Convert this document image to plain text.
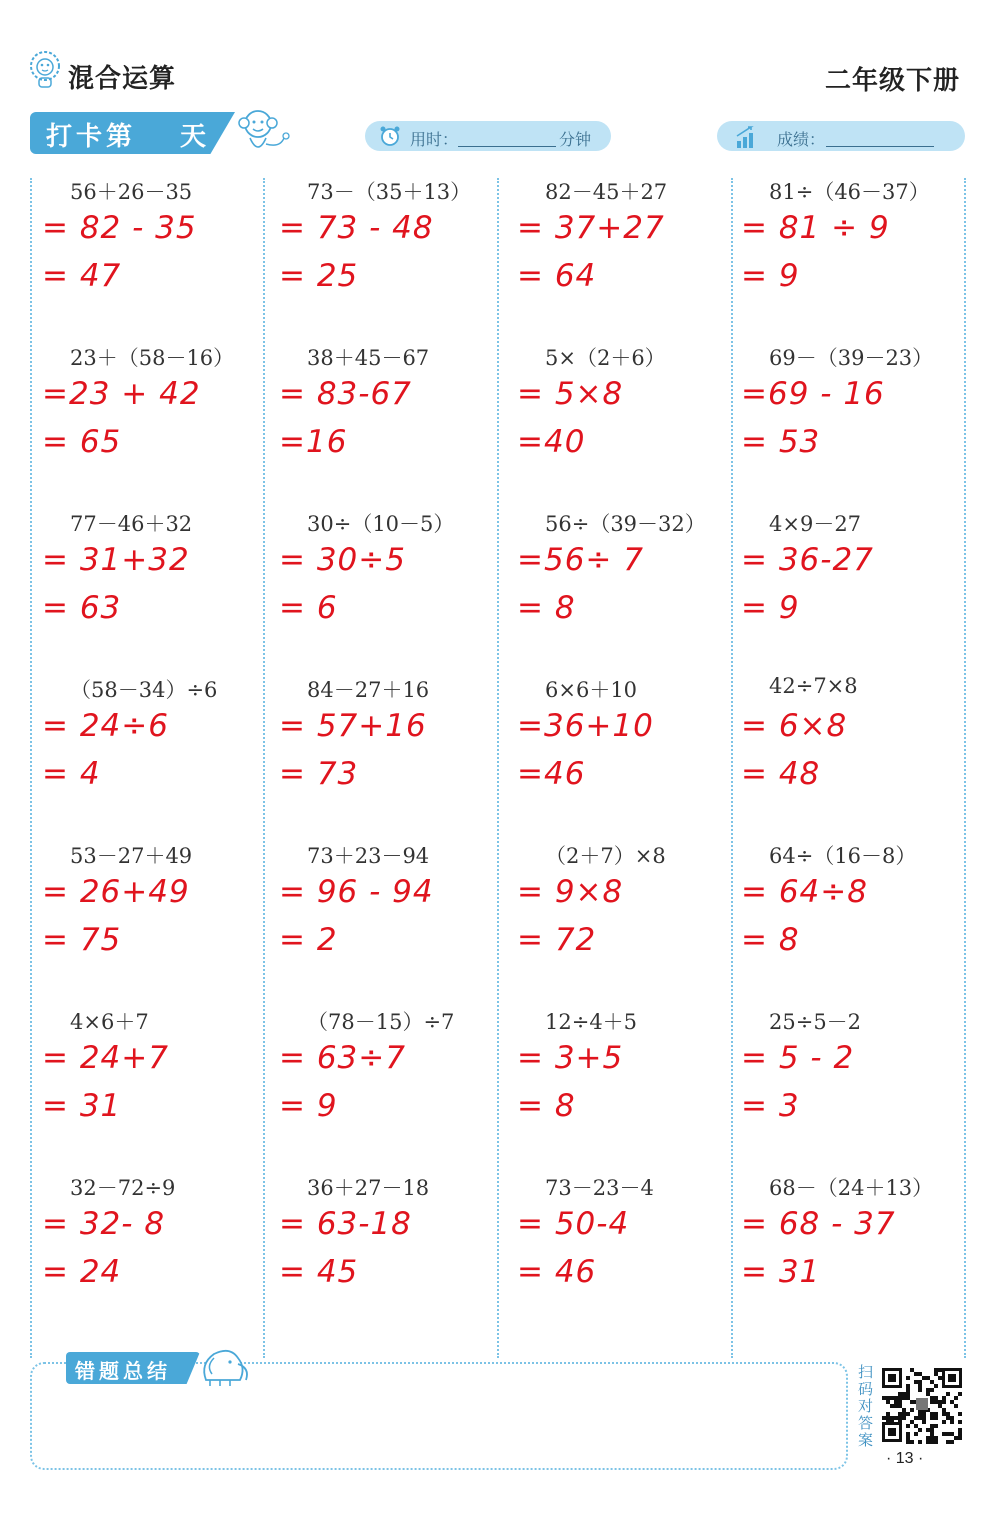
混合运算	二年级下册
打卡第 天	用时：	分钟	成绩：
56＋26－35
= 82 - 35
= 47
73－（35＋13）
= 73 - 48
= 25
82－45＋27
= 37+27
= 64
81÷（46－37）
= 81 ÷ 9
= 9
23＋（58－16）
=23 + 42
= 65
38＋45－67
= 83-67
=16
5×（2＋6）
= 5×8
=40
69－（39－23）
=69 - 16
= 53
77－46＋32
= 31+32
= 63
30÷（10－5）
= 30÷5
= 6
56÷（39－32）
=56÷ 7
= 8
4×9－27
= 36-27
= 9
（58－34）÷6
= 24÷6
= 4
84－27＋16
= 57+16
= 73
6×6＋10
=36+10
=46
42÷7×8
= 6×8
= 48
53－27＋49
= 26+49
= 75
73＋23－94
= 96 - 94
= 2
（2＋7）×8
= 9×8
= 72
64÷（16－8）
= 64÷8
= 8
4×6＋7
= 24+7
= 31
（78－15）÷7
= 63÷7
= 9
12÷4＋5
= 3+5
= 8
25÷5－2
= 5 - 2
= 3
32－72÷9
= 32- 8
= 24
36＋27－18
= 63-18
= 45
73－23－4
= 50-4
= 46
68－（24＋13）
= 68 - 37
= 31
错题总结	扫码对答案
· 13 ·
